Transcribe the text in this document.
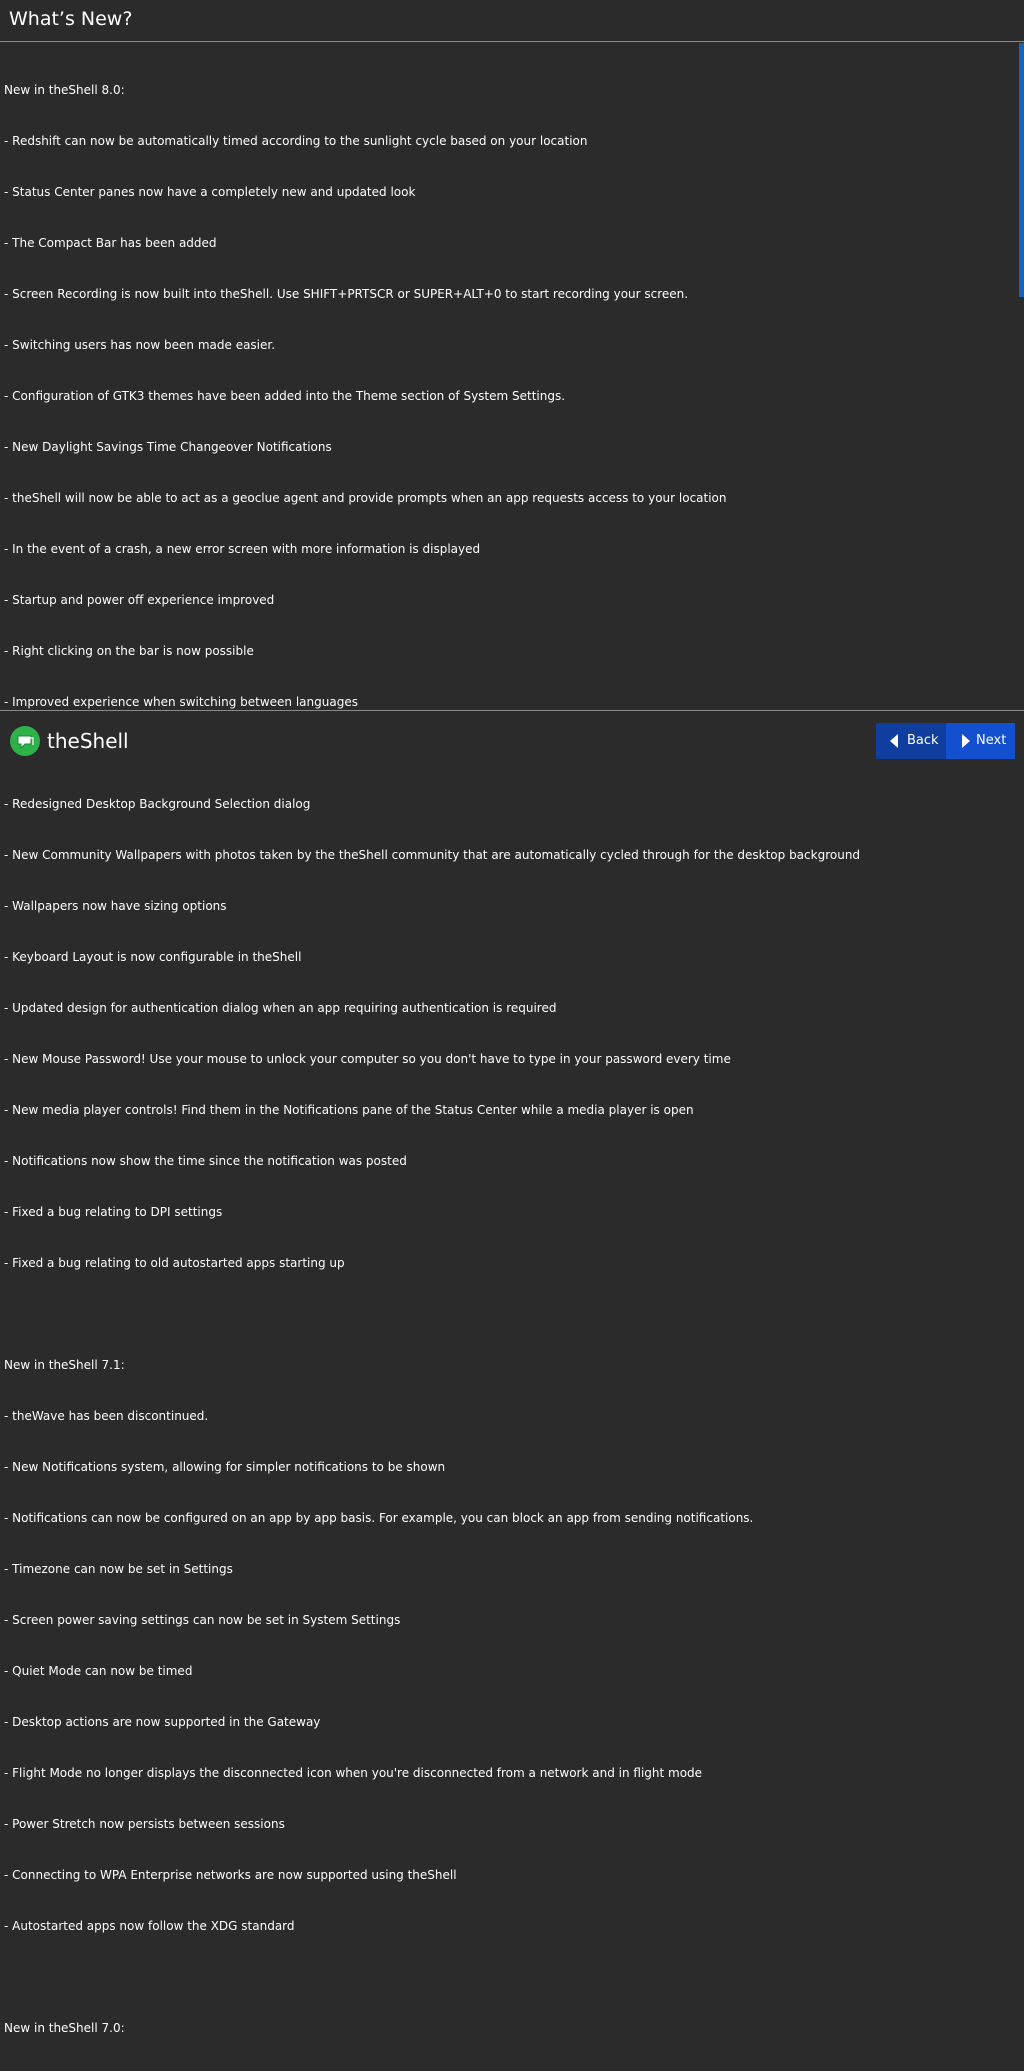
What’s New?

New in theShell 8.0:

- Redshift can now be automatically timed according to the sunlight cycle based on your location

- Status Center panes now have a completely new and updated look

- The Compact Bar has been added

- Screen Recording is now built into theShell. Use SHIFT+PRTSCR or SUPER+ALT+0 to start recording your screen.

- Switching users has now been made easier.

- Configuration of GTK3 themes have been added into the Theme section of System Settings.

- New Daylight Savings Time Changeover Notifications

- theShell will now be able to act as a geoclue agent and provide prompts when an app requests access to your location

- In the event of a crash, a new error screen with more information is displayed

- Startup and power off experience improved

- Right clicking on the bar is now possible

- Improved experience when switching between languages

- Redesigned Desktop Background Selection dialog

- New Community Wallpapers with photos taken by the theShell community that are automatically cycled through for the desktop background

- Wallpapers now have sizing options

- Keyboard Layout is now configurable in theShell

- Updated design for authentication dialog when an app requiring authentication is required

- New Mouse Password! Use your mouse to unlock your computer so you don't have to type in your password every time

- New media player controls! Find them in the Notifications pane of the Status Center while a media player is open

- Notifications now show the time since the notification was posted

- Fixed a bug relating to DPI settings

- Fixed a bug relating to old autostarted apps starting up

New in theShell 7.1:

- theWave has been discontinued.

- New Notifications system, allowing for simpler notifications to be shown

- Notifications can now be configured on an app by app basis. For example, you can block an app from sending notifications.

- Timezone can now be set in Settings

- Screen power saving settings can now be set in System Settings

- Quiet Mode can now be timed

- Desktop actions are now supported in the Gateway

- Flight Mode no longer displays the disconnected icon when you're disconnected from a network and in flight mode

- Power Stretch now persists between sessions

- Connecting to WPA Enterprise networks are now supported using theShell

- Autostarted apps now follow the XDG standard

New in theShell 7.0:

theShell	Back	Next
